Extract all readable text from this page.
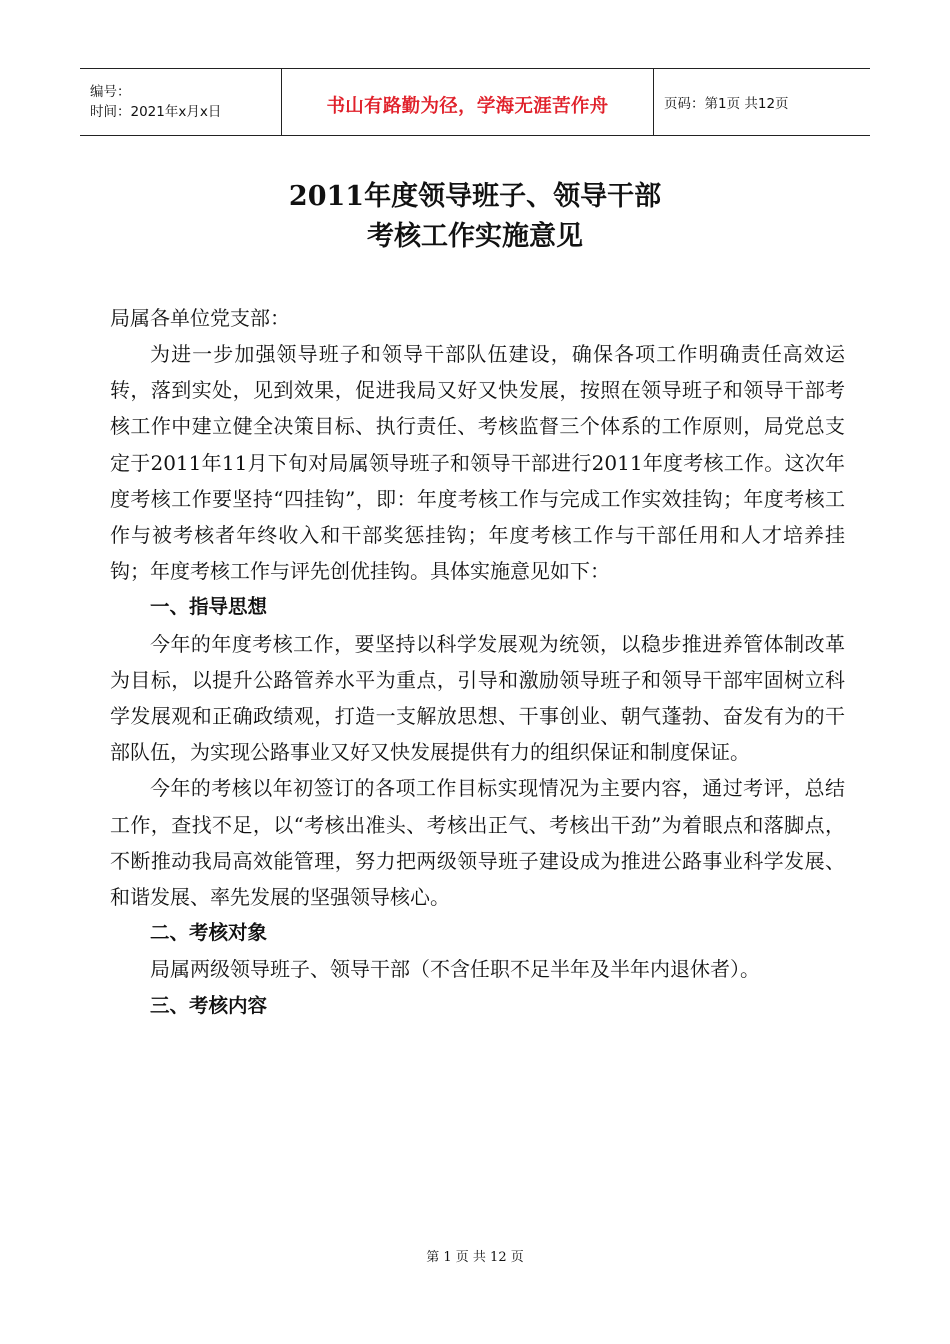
编号：
时间：2021年x月x日	书山有路勤为径，学海无涯苦作舟	页码：第1页 共12页
2011年度领导班子、领导干部
考核工作实施意见
局属各单位党支部：

为进一步加强领导班子和领导干部队伍建设，确保各项工作明确责任高效运转，落到实处，见到效果，促进我局又好又快发展，按照在领导班子和领导干部考核工作中建立健全决策目标、执行责任、考核监督三个体系的工作原则，局党总支定于2011年11月下旬对局属领导班子和领导干部进行2011年度考核工作。这次年度考核工作要坚持“四挂钩”，即：年度考核工作与完成工作实效挂钩；年度考核工作与被考核者年终收入和干部奖惩挂钩；年度考核工作与干部任用和人才培养挂钩；年度考核工作与评先创优挂钩。具体实施意见如下：

一、指导思想

今年的年度考核工作，要坚持以科学发展观为统领，以稳步推进养管体制改革为目标，以提升公路管养水平为重点，引导和激励领导班子和领导干部牢固树立科学发展观和正确政绩观，打造一支解放思想、干事创业、朝气蓬勃、奋发有为的干部队伍，为实现公路事业又好又快发展提供有力的组织保证和制度保证。

今年的考核以年初签订的各项工作目标实现情况为主要内容，通过考评，总结工作，查找不足，以“考核出准头、考核出正气、考核出干劲”为着眼点和落脚点，不断推动我局高效能管理，努力把两级领导班子建设成为推进公路事业科学发展、和谐发展、率先发展的坚强领导核心。

二、考核对象

局属两级领导班子、领导干部（不含任职不足半年及半年内退休者）。

三、考核内容

第 1 页 共 12 页
